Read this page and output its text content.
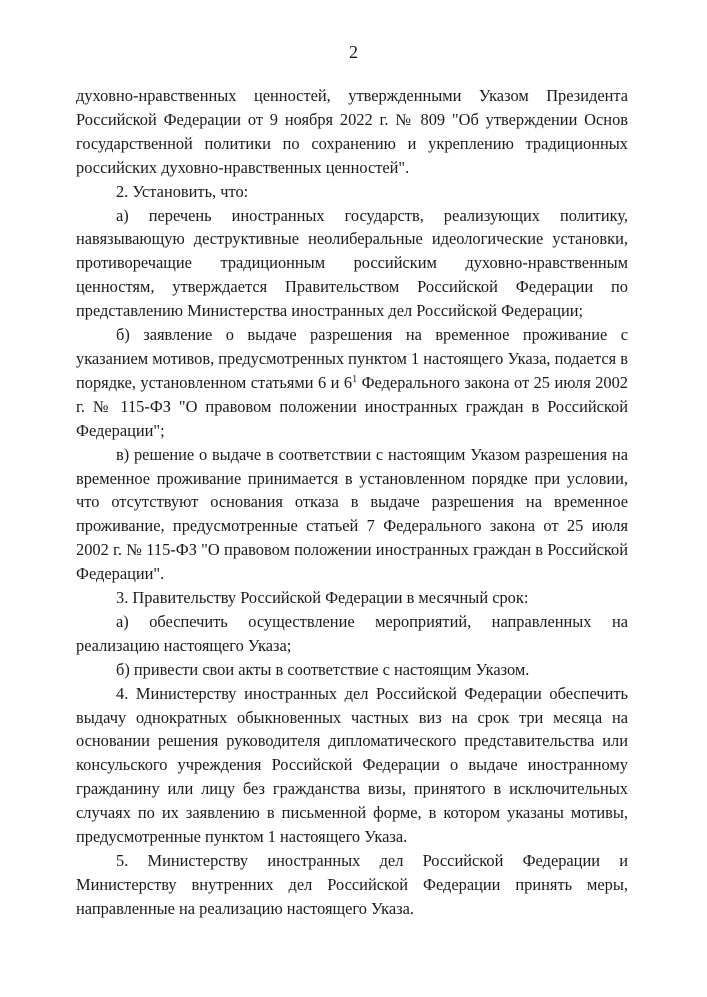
2

духовно-нравственных ценностей, утвержденными Указом Президента Российской Федерации от 9 ноября 2022 г. № 809 "Об утверждении Основ государственной политики по сохранению и укреплению традиционных российских духовно-нравственных ценностей".

2. Установить, что:

а) перечень иностранных государств, реализующих политику, навязывающую деструктивные неолиберальные идеологические установки, противоречащие традиционным российским духовно-нравственным ценностям, утверждается Правительством Российской Федерации по представлению Министерства иностранных дел Российской Федерации;

б) заявление о выдаче разрешения на временное проживание с указанием мотивов, предусмотренных пунктом 1 настоящего Указа, подается в порядке, установленном статьями 6 и $6^1$ Федерального закона от 25 июля 2002 г. № 115-ФЗ "О правовом положении иностранных граждан в Российской Федерации";

в) решение о выдаче в соответствии с настоящим Указом разрешения на временное проживание принимается в установленном порядке при условии, что отсутствуют основания отказа в выдаче разрешения на временное проживание, предусмотренные статьей 7 Федерального закона от 25 июля 2002 г. № 115-ФЗ "О правовом положении иностранных граждан в Российской Федерации".

3. Правительству Российской Федерации в месячный срок:

а) обеспечить осуществление мероприятий, направленных на реализацию настоящего Указа;

б) привести свои акты в соответствие с настоящим Указом.

4. Министерству иностранных дел Российской Федерации обеспечить выдачу однократных обыкновенных частных виз на срок три месяца на основании решения руководителя дипломатического представительства или консульского учреждения Российской Федерации о выдаче иностранному гражданину или лицу без гражданства визы, принятого в исключительных случаях по их заявлению в письменной форме, в котором указаны мотивы, предусмотренные пунктом 1 настоящего Указа.

5. Министерству иностранных дел Российской Федерации и Министерству внутренних дел Российской Федерации принять меры, направленные на реализацию настоящего Указа.
